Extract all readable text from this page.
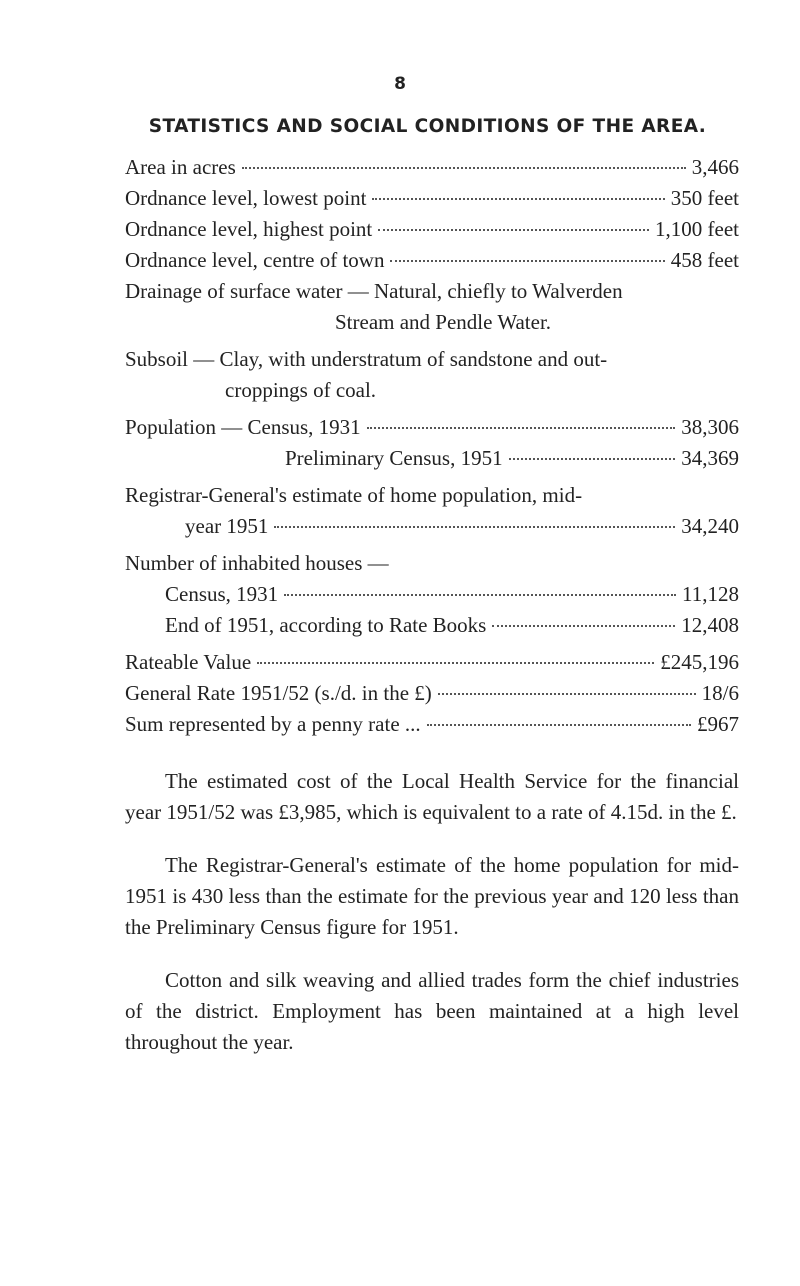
8
STATISTICS AND SOCIAL CONDITIONS OF THE AREA.
Area in acres	3,466
Ordnance level, lowest point	350 feet
Ordnance level, highest point	1,100 feet
Ordnance level, centre of town	458 feet
Drainage of surface water — Natural, chiefly to Walverden
Stream and Pendle Water.
Subsoil — Clay, with understratum of sandstone and out-
croppings of coal.
Population — Census, 1931	38,306
Preliminary Census, 1951	34,369
Registrar-General's estimate of home population, mid-
year 1951	34,240
Number of inhabited houses —
Census, 1931	11,128
End of 1951, according to Rate Books	12,408
Rateable Value	£245,196
General Rate 1951/52 (s./d. in the £)	18/6
Sum represented by a penny rate ...	£967

The estimated cost of the Local Health Service for the financial year 1951/52 was £3,985, which is equivalent to a rate of 4.15d. in the £.

The Registrar-General's estimate of the home population for mid-1951 is 430 less than the estimate for the previous year and 120 less than the Preliminary Census figure for 1951.

Cotton and silk weaving and allied trades form the chief industries of the district. Employment has been maintained at a high level throughout the year.
